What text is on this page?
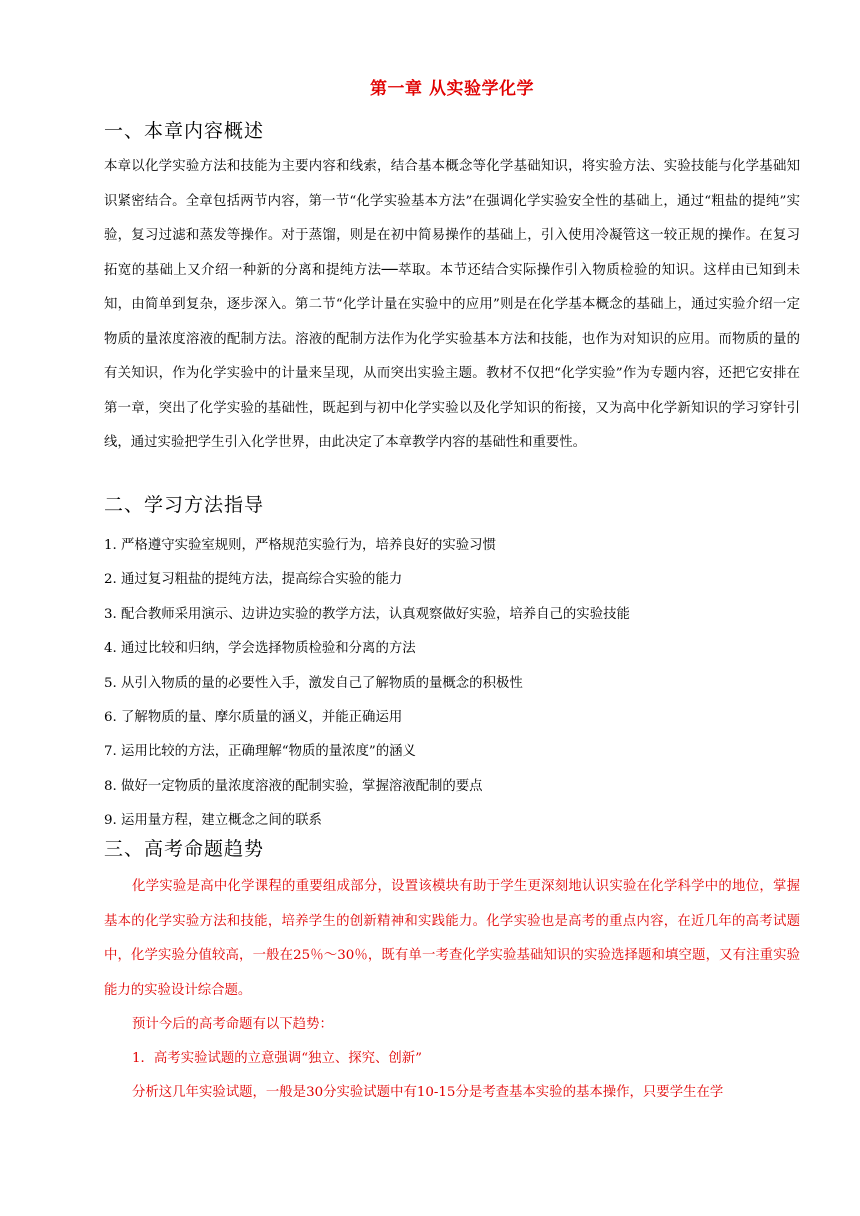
第一章 从实验学化学
一、本章内容概述
本章以化学实验方法和技能为主要内容和线索，结合基本概念等化学基础知识，将实验方法、实验技能与化学基础知识紧密结合。全章包括两节内容，第一节“化学实验基本方法”在强调化学实验安全性的基础上，通过“粗盐的提纯”实验，复习过滤和蒸发等操作。对于蒸馏，则是在初中简易操作的基础上，引入使用冷凝管这一较正规的操作。在复习拓宽的基础上又介绍一种新的分离和提纯方法──萃取。本节还结合实际操作引入物质检验的知识。这样由已知到未知，由简单到复杂，逐步深入。第二节“化学计量在实验中的应用”则是在化学基本概念的基础上，通过实验介绍一定物质的量浓度溶液的配制方法。溶液的配制方法作为化学实验基本方法和技能，也作为对知识的应用。而物质的量的有关知识，作为化学实验中的计量来呈现，从而突出实验主题。教材不仅把“化学实验”作为专题内容，还把它安排在第一章，突出了化学实验的基础性，既起到与初中化学实验以及化学知识的衔接，又为高中化学新知识的学习穿针引线，通过实验把学生引入化学世界，由此决定了本章教学内容的基础性和重要性。
二、学习方法指导
1. 严格遵守实验室规则，严格规范实验行为，培养良好的实验习惯
2. 通过复习粗盐的提纯方法，提高综合实验的能力
3. 配合教师采用演示、边讲边实验的教学方法，认真观察做好实验，培养自己的实验技能
4. 通过比较和归纳，学会选择物质检验和分离的方法
5. 从引入物质的量的必要性入手，激发自己了解物质的量概念的积极性
6. 了解物质的量、摩尔质量的涵义，并能正确运用
7. 运用比较的方法，正确理解“物质的量浓度”的涵义
8. 做好一定物质的量浓度溶液的配制实验，掌握溶液配制的要点
9. 运用量方程，建立概念之间的联系
三、高考命题趋势
化学实验是高中化学课程的重要组成部分，设置该模块有助于学生更深刻地认识实验在化学科学中的地位，掌握基本的化学实验方法和技能，培养学生的创新精神和实践能力。化学实验也是高考的重点内容，在近几年的高考试题中，化学实验分值较高，一般在25％～30％，既有单一考查化学实验基础知识的实验选择题和填空题，又有注重实验能力的实验设计综合题。
预计今后的高考命题有以下趋势：
1．高考实验试题的立意强调“独立、探究、创新”
分析这几年实验试题，一般是30分实验试题中有10-15分是考查基本实验的基本操作，只要学生在学
